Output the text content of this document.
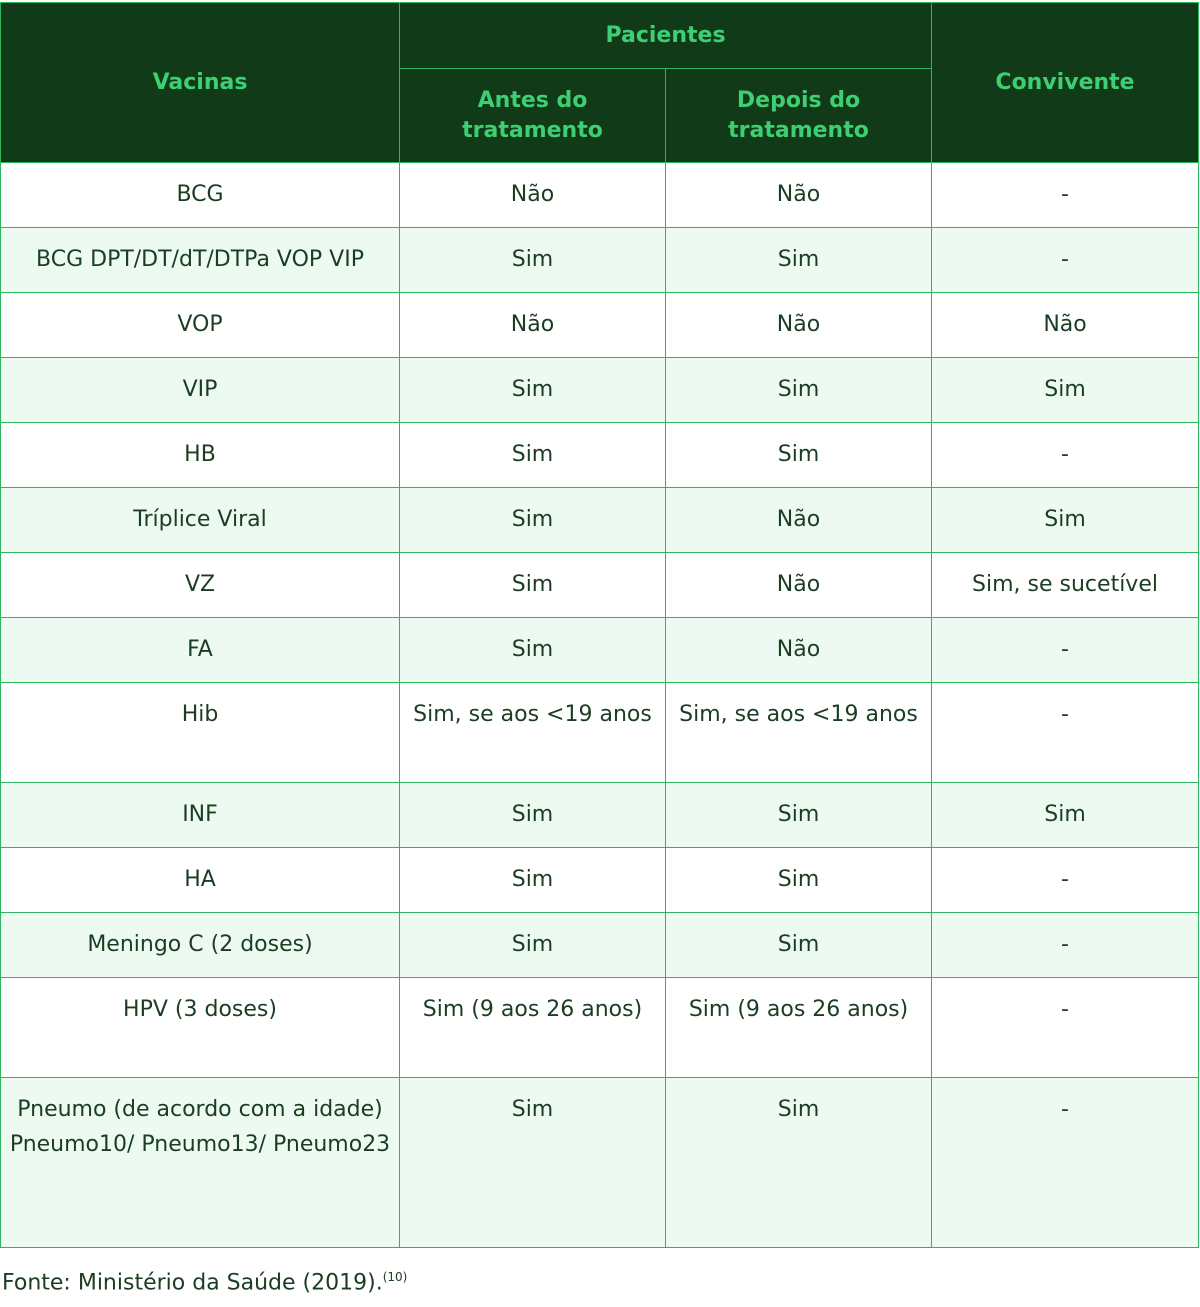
Vacinas	Pacientes		Convivente
	Antes do tratamento	Depois do tratamento	
BCG	Não	Não	-
BCG DPT/DT/dT/DTPa VOP VIP	Sim	Sim	-
VOP	Não	Não	Não
VIP	Sim	Sim	Sim
HB	Sim	Sim	-
Tríplice Viral	Sim	Não	Sim
VZ	Sim	Não	Sim, se sucetível
FA	Sim	Não	-
Hib	Sim, se aos <19 anos	Sim, se aos <19 anos	-
INF	Sim	Sim	Sim
HA	Sim	Sim	-
Meningo C (2 doses)	Sim	Sim	-
HPV (3 doses)	Sim (9 aos 26 anos)	Sim (9 aos 26 anos)	-
Pneumo (de acordo com a idade) Pneumo10/ Pneumo13/ Pneumo23	Sim	Sim	-
Fonte: Ministério da Saúde (2019).$^{(10)}$
